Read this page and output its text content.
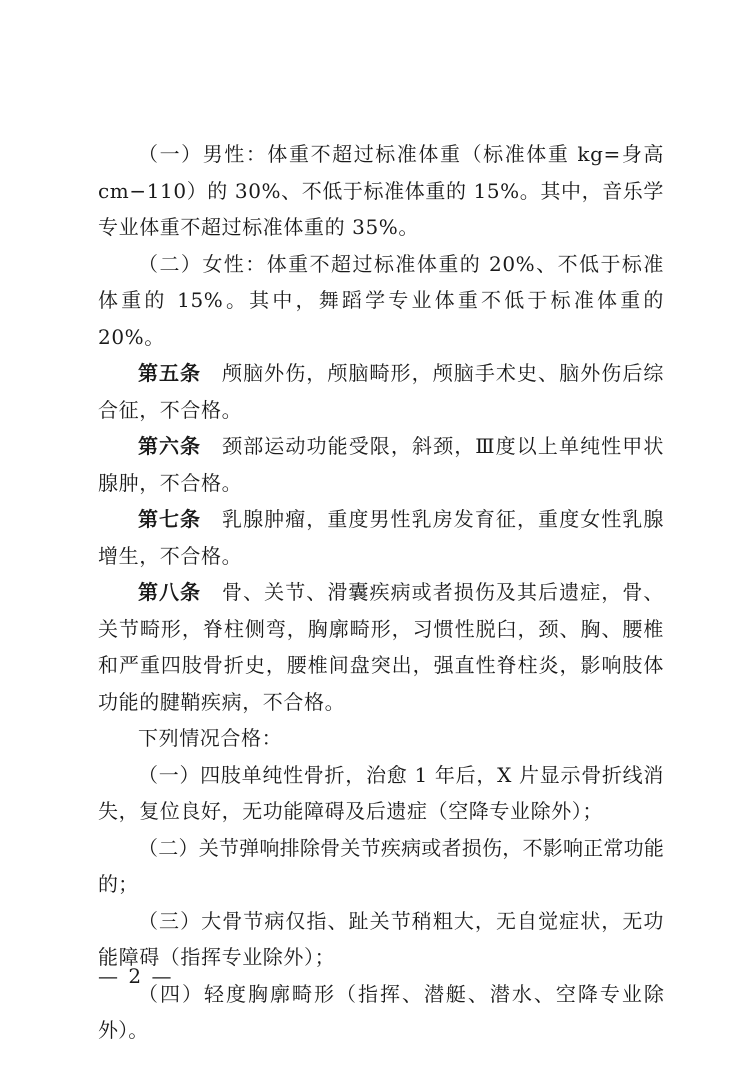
（一）男性：体重不超过标准体重（标准体重 kg=身高 cm−110）的 30%、不低于标准体重的 15%。其中，音乐学专业体重不超过标准体重的 35%。

（二）女性：体重不超过标准体重的 20%、不低于标准体重的 15%。其中，舞蹈学专业体重不低于标准体重的 20%。

第五条　颅脑外伤，颅脑畸形，颅脑手术史、脑外伤后综合征，不合格。

第六条　颈部运动功能受限，斜颈，Ⅲ度以上单纯性甲状腺肿，不合格。

第七条　乳腺肿瘤，重度男性乳房发育征，重度女性乳腺增生，不合格。

第八条　骨、关节、滑囊疾病或者损伤及其后遗症，骨、关节畸形，脊柱侧弯，胸廓畸形，习惯性脱臼，颈、胸、腰椎和严重四肢骨折史，腰椎间盘突出，强直性脊柱炎，影响肢体功能的腱鞘疾病，不合格。

下列情况合格：

（一）四肢单纯性骨折，治愈 1 年后，X 片显示骨折线消失，复位良好，无功能障碍及后遗症（空降专业除外）；

（二）关节弹响排除骨关节疾病或者损伤，不影响正常功能的；

（三）大骨节病仅指、趾关节稍粗大，无自觉症状，无功能障碍（指挥专业除外）；

（四）轻度胸廓畸形（指挥、潜艇、潜水、空降专业除外）。

— 2 —
